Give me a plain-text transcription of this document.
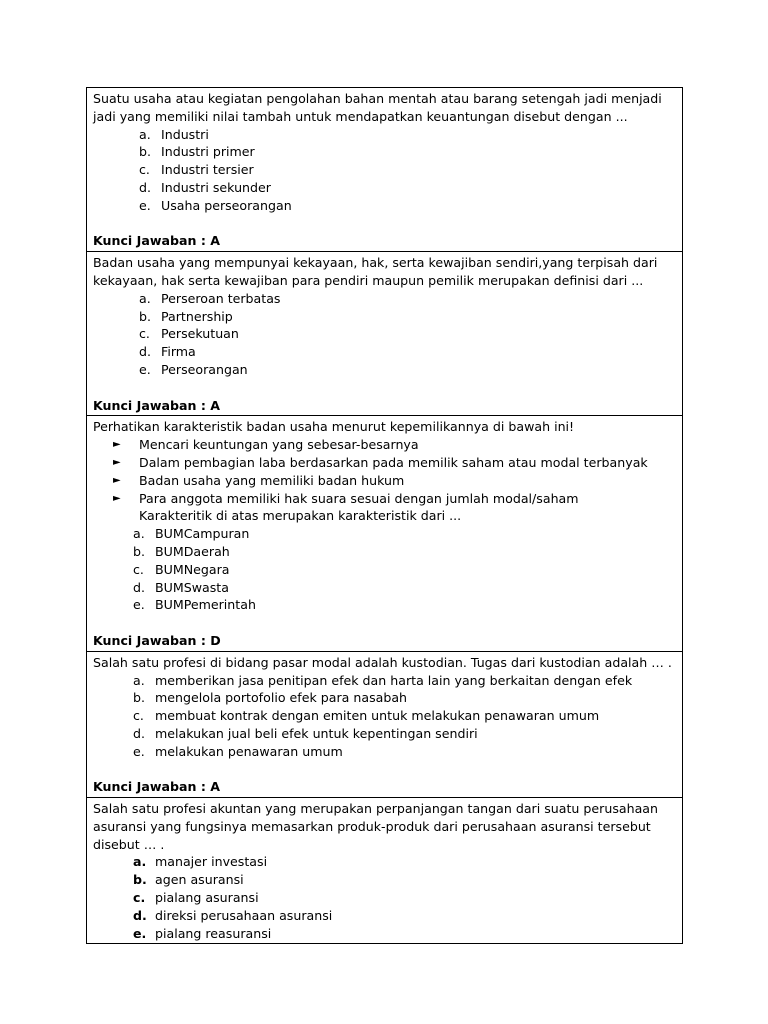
Suatu usaha atau kegiatan pengolahan bahan mentah atau barang setengah jadi menjadi
jadi yang memiliki nilai tambah untuk mendapatkan keuantungan disebut dengan ...
a. Industri
b. Industri primer
c. Industri tersier
d. Industri sekunder
e. Usaha perseorangan
Kunci Jawaban : A
Badan usaha yang mempunyai kekayaan, hak, serta kewajiban sendiri,yang terpisah dari
kekayaan, hak serta kewajiban para pendiri maupun pemilik merupakan definisi dari ...
a. Perseroan terbatas
b. Partnership
c. Persekutuan
d. Firma
e. Perseorangan
Kunci Jawaban : A
Perhatikan karakteristik badan usaha menurut kepemilikannya di bawah ini!
►	Mencari keuntungan yang sebesar-besarnya
►	Dalam pembagian laba berdasarkan pada memilik saham atau modal terbanyak
►	Badan usaha yang memiliki badan hukum
►	Para anggota memiliki hak suara sesuai dengan jumlah modal/saham
Karakteritik di atas merupakan karakteristik dari ...
a. BUMCampuran
b. BUMDaerah
c. BUMNegara
d. BUMSwasta
e. BUMPemerintah
Kunci Jawaban : D
Salah satu profesi di bidang pasar modal adalah kustodian. Tugas dari kustodian adalah … .
a. memberikan jasa penitipan efek dan harta lain yang berkaitan dengan efek
b. mengelola portofolio efek para nasabah
c. membuat kontrak dengan emiten untuk melakukan penawaran umum
d. melakukan jual beli efek untuk kepentingan sendiri
e. melakukan penawaran umum
Kunci Jawaban : A
Salah satu profesi akuntan yang merupakan perpanjangan tangan dari suatu perusahaan
asuransi yang fungsinya memasarkan produk-produk dari perusahaan asuransi tersebut
disebut … .
a. manajer investasi
b. agen asuransi
c. pialang asuransi
d. direksi perusahaan asuransi
e. pialang reasuransi
